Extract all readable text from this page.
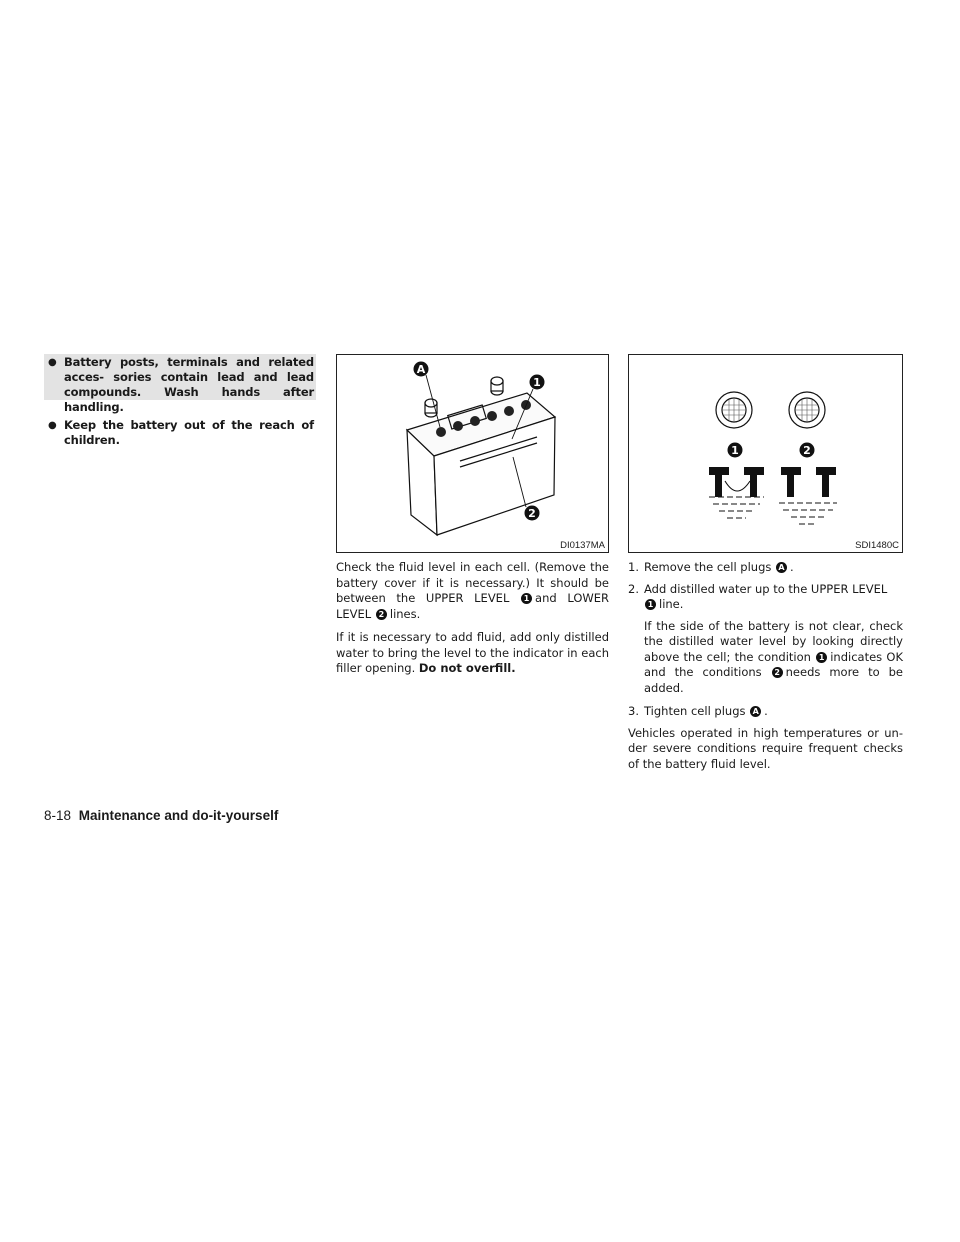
● Battery posts, terminals and related acces- sories contain lead and lead compounds. Wash hands after handling.
● Keep the battery out of the reach of children.
A
1
2
DI0137MA
1	2
SDI1480C

Check the fluid level in each cell. (Remove the battery cover if it is necessary.) It should be between the UPPER LEVEL 1 and LOWER LEVEL 2 lines.

If it is necessary to add fluid, add only distilled water to bring the level to the indicator in each filler opening. Do not overfill.

1. Remove the cell plugs A .
2. Add distilled water up to the UPPER LEVEL
1 line.

If the side of the battery is not clear, check the distilled water level by looking directly above the cell; the condition 1 indicates OK and the conditions 2 needs more to be added.

3. Tighten cell plugs A .

Vehicles operated in high temperatures or un- der severe conditions require frequent checks of the battery fluid level.

8-18 Maintenance and do-it-yourself
